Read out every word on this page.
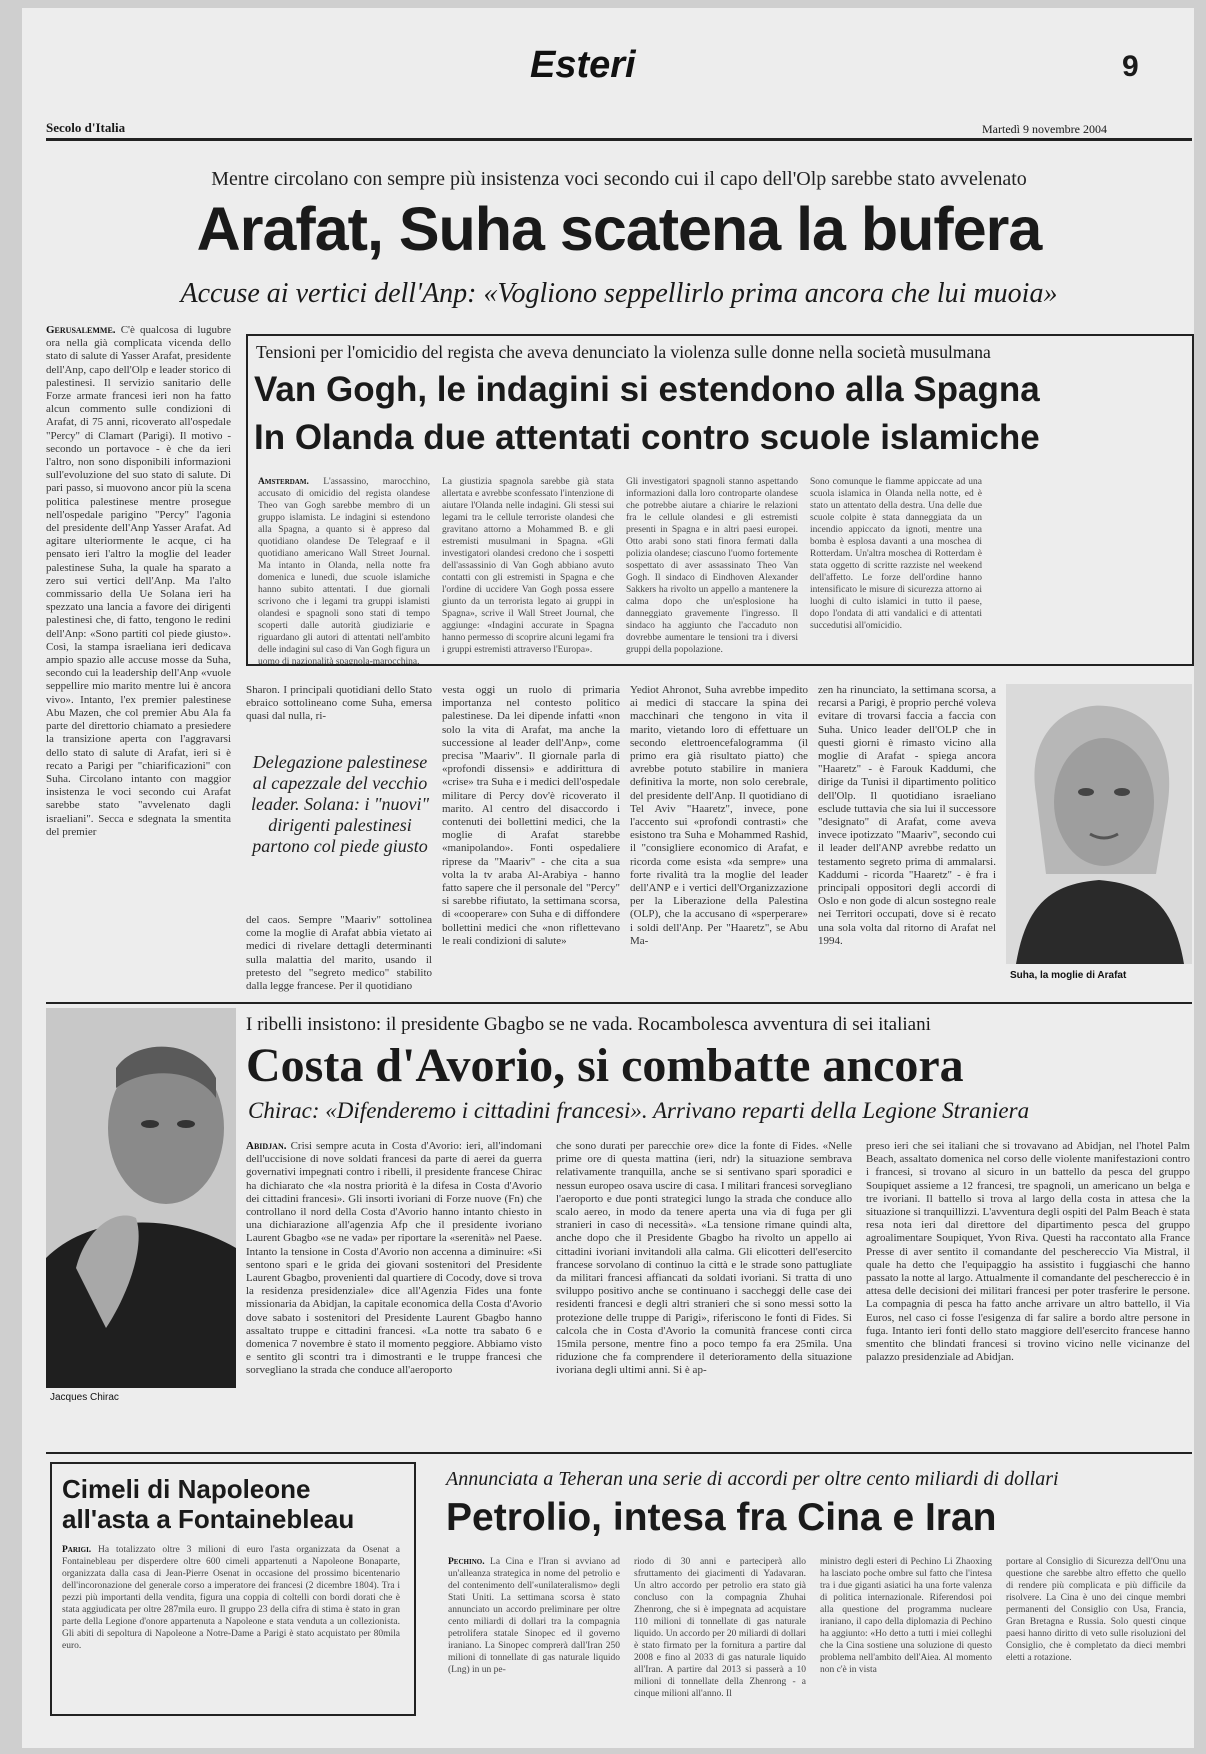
Esteri	9
Secolo d'Italia	Martedì 9 novembre 2004
Mentre circolano con sempre più insistenza voci secondo cui il capo dell'Olp sarebbe stato avvelenato
Arafat, Suha scatena la bufera
Accuse ai vertici dell'Anp: «Vogliono seppellirlo prima ancora che lui muoia»
Gerusalemme. C'è qualcosa di lugubre ora nella già complicata vicenda dello stato di salute di Yasser Arafat, presidente dell'Anp, capo dell'Olp e leader storico di palestinesi. Il servizio sanitario delle Forze armate francesi ieri non ha fatto alcun commento sulle condizioni di Arafat, di 75 anni, ricoverato all'ospedale "Percy" di Clamart (Parigi). Il motivo - secondo un portavoce - è che da ieri l'altro, non sono disponibili informazioni sull'evoluzione del suo stato di salute. Di pari passo, si muovono ancor più la scena politica palestinese mentre prosegue nell'ospedale parigino "Percy" l'agonia del presidente dell'Anp Yasser Arafat. Ad agitare ulteriormente le acque, ci ha pensato ieri l'altro la moglie del leader palestinese Suha, la quale ha sparato a zero sui vertici dell'Anp. Ma l'alto commissario della Ue Solana ieri ha spezzato una lancia a favore dei dirigenti palestinesi che, di fatto, tengono le redini dell'Anp: «Sono partiti col piede giusto». Così, la stampa israeliana ieri dedicava ampio spazio alle accuse mosse da Suha, secondo cui la leadership dell'Anp «vuole seppellire mio marito mentre lui è ancora vivo». Intanto, l'ex premier palestinese Abu Mazen, che col premier Abu Ala fa parte del direttorio chiamato a presiedere la transizione aperta con l'aggravarsi dello stato di salute di Arafat, ieri si è recato a Parigi per "chiarificazioni" con Suha. Circolano intanto con maggior insistenza le voci secondo cui Arafat sarebbe stato "avvelenato dagli israeliani". Secca e sdegnata la smentita del premier
Tensioni per l'omicidio del regista che aveva denunciato la violenza sulle donne nella società musulmana
Van Gogh, le indagini si estendono alla Spagna
In Olanda due attentati contro scuole islamiche
Amsterdam. L'assassino, marocchino, accusato di omicidio del regista olandese Theo van Gogh sarebbe membro di un gruppo islamista. Le indagini si estendono alla Spagna, a quanto si è appreso dal quotidiano olandese De Telegraaf e il quotidiano americano Wall Street Journal. Ma intanto in Olanda, nella notte fra domenica e lunedì, due scuole islamiche hanno subito attentati. I due giornali scrivono che i legami tra gruppi islamisti olandesi e spagnoli sono stati di tempo scoperti dalle autorità giudiziarie e riguardano gli autori di attentati nell'ambito delle indagini sul caso di Van Gogh figura un uomo di nazionalità spagnola-marocchina.
La giustizia spagnola sarebbe già stata allertata e avrebbe sconfessato l'intenzione di aiutare l'Olanda nelle indagini. Gli stessi sui legami tra le cellule terroriste olandesi che gravitano attorno a Mohammed B. e gli estremisti musulmani in Spagna. «Gli investigatori olandesi credono che i sospetti dell'assassinio di Van Gogh abbiano avuto contatti con gli estremisti in Spagna e che l'ordine di uccidere Van Gogh possa essere giunto da un terrorista legato ai gruppi in Spagna», scrive il Wall Street Journal, che aggiunge: «Indagini accurate in Spagna hanno permesso di scoprire alcuni legami fra i gruppi estremisti attraverso l'Europa».
Gli investigatori spagnoli stanno aspettando informazioni dalla loro controparte olandese che potrebbe aiutare a chiarire le relazioni fra le cellule olandesi e gli estremisti presenti in Spagna e in altri paesi europei. Otto arabi sono stati finora fermati dalla polizia olandese; ciascuno l'uomo fortemente sospettato di aver assassinato Theo Van Gogh. Il sindaco di Eindhoven Alexander Sakkers ha rivolto un appello a mantenere la calma dopo che un'esplosione ha danneggiato gravemente l'ingresso. Il sindaco ha aggiunto che l'accaduto non dovrebbe aumentare le tensioni tra i diversi gruppi della popolazione.
Sono comunque le fiamme appiccate ad una scuola islamica in Olanda nella notte, ed è stato un attentato della destra. Una delle due scuole colpite è stata danneggiata da un incendio appiccato da ignoti, mentre una bomba è esplosa davanti a una moschea di Rotterdam. Un'altra moschea di Rotterdam è stata oggetto di scritte razziste nel weekend dell'affetto. Le forze dell'ordine hanno intensificato le misure di sicurezza attorno ai luoghi di culto islamici in tutto il paese, dopo l'ondata di atti vandalici e di attentati succedutisi all'omicidio.
Sharon. I principali quotidiani dello Stato ebraico sottolineano come Suha, emersa quasi dal nulla, ri-
Delegazione palestinese al capezzale del vecchio leader. Solana: i "nuovi" dirigenti palestinesi partono col piede giusto
del caos. Sempre "Maariv" sottolinea come la moglie di Arafat abbia vietato ai medici di rivelare dettagli determinanti sulla malattia del marito, usando il pretesto del "segreto medico" stabilito dalla legge francese. Per il quotidiano
vesta oggi un ruolo di primaria importanza nel contesto politico palestinese. Da lei dipende infatti «non solo la vita di Arafat, ma anche la successione al leader dell'Anp», come precisa "Maariv". Il giornale parla di «profondi dissensi» e addirittura di «crise» tra Suha e i medici dell'ospedale militare di Percy dov'è ricoverato il marito. Al centro del disaccordo i contenuti dei bollettini medici, che la moglie di Arafat starebbe «manipolando». Fonti ospedaliere riprese da "Maariv" - che cita a sua volta la tv araba Al-Arabiya - hanno fatto sapere che il personale del "Percy" si sarebbe rifiutato, la settimana scorsa, di «cooperare» con Suha e di diffondere bollettini medici che «non riflettevano le reali condizioni di salute»
Yediot Ahronot, Suha avrebbe impedito ai medici di staccare la spina dei macchinari che tengono in vita il marito, vietando loro di effettuare un secondo elettroencefalogramma (il primo era già risultato piatto) che avrebbe potuto stabilire in maniera definitiva la morte, non solo cerebrale, del presidente dell'Anp. Il quotidiano di Tel Aviv "Haaretz", invece, pone l'accento sui «profondi contrasti» che esistono tra Suha e Mohammed Rashid, il "consigliere economico di Arafat, e ricorda come esista «da sempre» una forte rivalità tra la moglie del leader dell'ANP e i vertici dell'Organizzazione per la Liberazione della Palestina (OLP), che la accusano di «sperperare» i soldi dell'Anp. Per "Haaretz", se Abu Ma-
zen ha rinunciato, la settimana scorsa, a recarsi a Parigi, è proprio perché voleva evitare di trovarsi faccia a faccia con Suha. Unico leader dell'OLP che in questi giorni è rimasto vicino alla moglie di Arafat - spiega ancora "Haaretz" - è Farouk Kaddumi, che dirige da Tunisi il dipartimento politico dell'Olp. Il quotidiano israeliano esclude tuttavia che sia lui il successore "designato" di Arafat, come aveva invece ipotizzato "Maariv", secondo cui il leader dell'ANP avrebbe redatto un testamento segreto prima di ammalarsi. Kaddumi - ricorda "Haaretz" - è fra i principali oppositori degli accordi di Oslo e non gode di alcun sostegno reale nei Territori occupati, dove si è recato una sola volta dal ritorno di Arafat nel 1994.
Suha, la moglie di Arafat
Jacques Chirac
I ribelli insistono: il presidente Gbagbo se ne vada. Rocambolesca avventura di sei italiani
Costa d'Avorio, si combatte ancora
Chirac: «Difenderemo i cittadini francesi». Arrivano reparti della Legione Straniera
Abidjan. Crisi sempre acuta in Costa d'Avorio: ieri, all'indomani dell'uccisione di nove soldati francesi da parte di aerei da guerra governativi impegnati contro i ribelli, il presidente francese Chirac ha dichiarato che «la nostra priorità è la difesa in Costa d'Avorio dei cittadini francesi». Gli insorti ivoriani di Forze nuove (Fn) che controllano il nord della Costa d'Avorio hanno intanto chiesto in una dichiarazione all'agenzia Afp che il presidente ivoriano Laurent Gbagbo «se ne vada» per riportare la «serenità» nel Paese. Intanto la tensione in Costa d'Avorio non accenna a diminuire: «Si sentono spari e le grida dei giovani sostenitori del Presidente Laurent Gbagbo, provenienti dal quartiere di Cocody, dove si trova la residenza presidenziale» dice all'Agenzia Fides una fonte missionaria da Abidjan, la capitale economica della Costa d'Avorio dove sabato i sostenitori del Presidente Laurent Gbagbo hanno assaltato truppe e cittadini francesi. «La notte tra sabato 6 e domenica 7 novembre è stato il momento peggiore. Abbiamo visto e sentito gli scontri tra i dimostranti e le truppe francesi che sorvegliano la strada che conduce all'aeroporto
che sono durati per parecchie ore» dice la fonte di Fides. «Nelle prime ore di questa mattina (ieri, ndr) la situazione sembrava relativamente tranquilla, anche se si sentivano spari sporadici e nessun europeo osava uscire di casa. I militari francesi sorvegliano l'aeroporto e due ponti strategici lungo la strada che conduce allo scalo aereo, in modo da tenere aperta una via di fuga per gli stranieri in caso di necessità». «La tensione rimane quindi alta, anche dopo che il Presidente Gbagbo ha rivolto un appello ai cittadini ivoriani invitandoli alla calma. Gli elicotteri dell'esercito francese sorvolano di continuo la città e le strade sono pattugliate da militari francesi affiancati da soldati ivoriani. Si tratta di uno sviluppo positivo anche se continuano i saccheggi delle case dei residenti francesi e degli altri stranieri che si sono messi sotto la protezione delle truppe di Parigi», riferiscono le fonti di Fides. Si calcola che in Costa d'Avorio la comunità francese conti circa 15mila persone, mentre fino a poco tempo fa era 25mila. Una riduzione che fa comprendere il deterioramento della situazione ivoriana degli ultimi anni. Si è ap-
preso ieri che sei italiani che si trovavano ad Abidjan, nel l'hotel Palm Beach, assaltato domenica nel corso delle violente manifestazioni contro i francesi, si trovano al sicuro in un battello da pesca del gruppo Soupiquet assieme a 12 francesi, tre spagnoli, un americano un belga e tre ivoriani. Il battello si trova al largo della costa in attesa che la situazione si tranquillizzi. L'avventura degli ospiti del Palm Beach è stata resa nota ieri dal direttore del dipartimento pesca del gruppo agroalimentare Soupiquet, Yvon Riva. Questi ha raccontato alla France Presse di aver sentito il comandante del peschereccio Via Mistral, il quale ha detto che l'equipaggio ha assistito i fuggiaschi che hanno passato la notte al largo. Attualmente il comandante del peschereccio è in attesa delle decisioni dei militari francesi per poter trasferire le persone. La compagnia di pesca ha fatto anche arrivare un altro battello, il Via Euros, nel caso ci fosse l'esigenza di far salire a bordo altre persone in fuga. Intanto ieri fonti dello stato maggiore dell'esercito francese hanno smentito che blindati francesi si trovino vicino nelle vicinanze del palazzo presidenziale ad Abidjan.
Cimeli di Napoleone all'asta a Fontainebleau
Parigi. Ha totalizzato oltre 3 milioni di euro l'asta organizzata da Osenat a Fontainebleau per disperdere oltre 600 cimeli appartenuti a Napoleone Bonaparte, organizzata dalla casa di Jean-Pierre Osenat in occasione del prossimo bicentenario dell'incoronazione del generale corso a imperatore dei francesi (2 dicembre 1804). Tra i pezzi più importanti della vendita, figura una coppia di coltelli con bordi dorati che è stata aggiudicata per oltre 287mila euro. Il gruppo 23 della cifra di stima è stato in gran parte della Legione d'onore appartenuta a Napoleone e stata venduta a un collezionista. Gli abiti di sepoltura di Napoleone a Notre-Dame a Parigi è stato acquistato per 80mila euro.
Annunciata a Teheran una serie di accordi per oltre cento miliardi di dollari
Petrolio, intesa fra Cina e Iran
Pechino. La Cina e l'Iran si avviano ad un'alleanza strategica in nome del petrolio e del contenimento dell'«unilateralismo» degli Stati Uniti. La settimana scorsa è stato annunciato un accordo preliminare per oltre cento miliardi di dollari tra la compagnia petrolifera statale Sinopec ed il governo iraniano. La Sinopec comprerà dall'Iran 250 milioni di tonnellate di gas naturale liquido (Lng) in un pe-
riodo di 30 anni e parteciperà allo sfruttamento dei giacimenti di Yadavaran. Un altro accordo per petrolio era stato già concluso con la compagnia Zhuhai Zhenrong, che si è impegnata ad acquistare 110 milioni di tonnellate di gas naturale liquido. Un accordo per 20 miliardi di dollari è stato firmato per la fornitura a partire dal 2008 e fino al 2033 di gas naturale liquido all'Iran. A partire dal 2013 si passerà a 10 milioni di tonnellate della Zhenrong - a cinque milioni all'anno. Il
ministro degli esteri di Pechino Li Zhaoxing ha lasciato poche ombre sul fatto che l'intesa tra i due giganti asiatici ha una forte valenza di politica internazionale. Riferendosi poi alla questione del programma nucleare iraniano, il capo della diplomazia di Pechino ha aggiunto: «Ho detto a tutti i miei colleghi che la Cina sostiene una soluzione di questo problema nell'ambito dell'Aiea. Al momento non c'è in vista
portare al Consiglio di Sicurezza dell'Onu una questione che sarebbe altro effetto che quello di rendere più complicata e più difficile da risolvere. La Cina è uno dei cinque membri permanenti del Consiglio con Usa, Francia, Gran Bretagna e Russia. Solo questi cinque paesi hanno diritto di veto sulle risoluzioni del Consiglio, che è completato da dieci membri eletti a rotazione.
